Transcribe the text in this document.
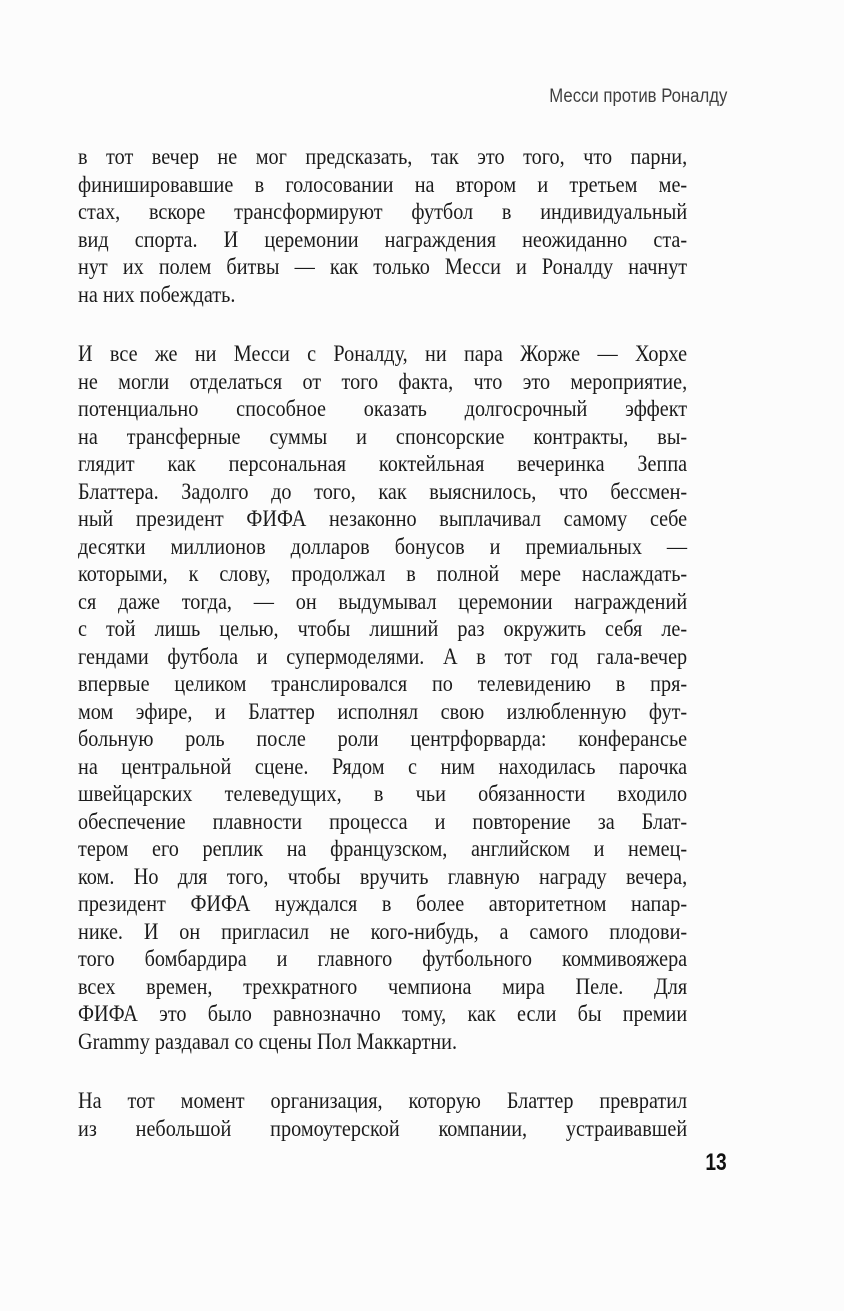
Месси против Роналду
в тот вечер не мог предсказать, так это того, что парни,
финишировавшие в голосовании на втором и третьем ме-
стах, вскоре трансформируют футбол в индивидуальный
вид спорта. И церемонии награждения неожиданно ста-
нут их полем битвы — как только Месси и Роналду начнут
на них побеждать.
И все же ни Месси с Роналду, ни пара Жорже — Хорхе
не могли отделаться от того факта, что это мероприятие,
потенциально способное оказать долгосрочный эффект
на трансферные суммы и спонсорские контракты, вы-
глядит как персональная коктейльная вечеринка Зеппа
Блаттера. Задолго до того, как выяснилось, что бессмен-
ный президент ФИФА незаконно выплачивал самому себе
десятки миллионов долларов бонусов и премиальных —
которыми, к слову, продолжал в полной мере наслаждать-
ся даже тогда, — он выдумывал церемонии награждений
с той лишь целью, чтобы лишний раз окружить себя ле-
гендами футбола и супермоделями. А в тот год гала-вечер
впервые целиком транслировался по телевидению в пря-
мом эфире, и Блаттер исполнял свою излюбленную фут-
больную роль после роли центрфорварда: конферансье
на центральной сцене. Рядом с ним находилась парочка
швейцарских телеведущих, в чьи обязанности входило
обеспечение плавности процесса и повторение за Блат-
тером его реплик на французском, английском и немец-
ком. Но для того, чтобы вручить главную награду вечера,
президент ФИФА нуждался в более авторитетном напар-
нике. И он пригласил не кого-нибудь, а самого плодови-
того бомбардира и главного футбольного коммивояжера
всех времен, трехкратного чемпиона мира Пеле. Для
ФИФА это было равнозначно тому, как если бы премии
Grammy раздавал со сцены Пол Маккартни.
На тот момент организация, которую Блаттер превратил
из небольшой промоутерской компании, устраивавшей
13
